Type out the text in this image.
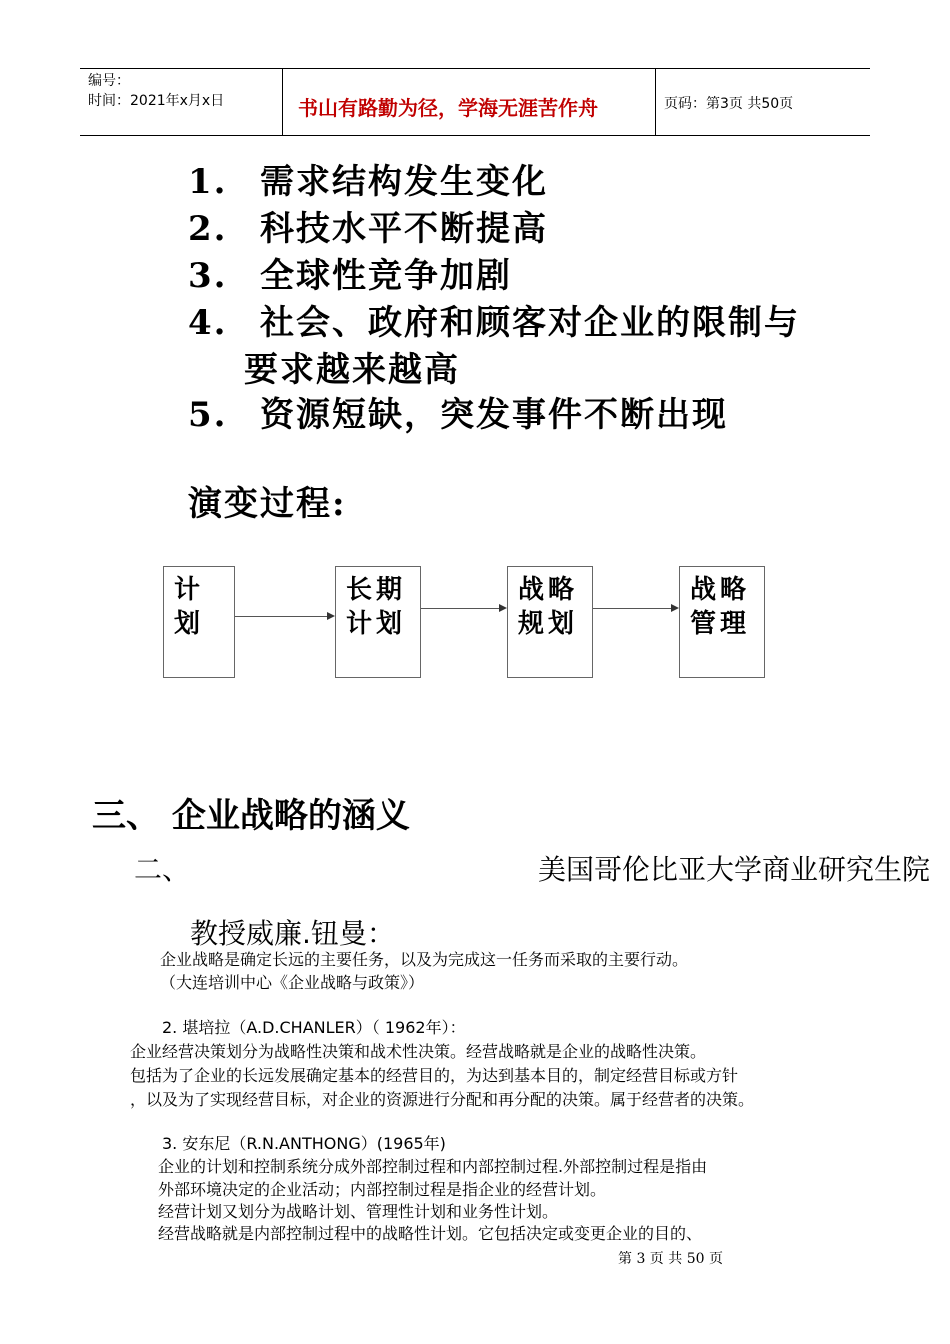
编号：
时间：2021年x月x日	书山有路勤为径，学海无涯苦作舟	页码：第3页 共50页
1. 需求结构发生变化
2. 科技水平不断提高
3. 全球性竞争加剧
4. 社会、政府和顾客对企业的限制与
要求越来越高
5. 资源短缺，突发事件不断出现
演变过程:
计
划
长期
计划
战略
规划
战略
管理
三、 企业战略的涵义
二、	美国哥伦比亚大学商业研究生院
教授威廉.钮曼：
企业战略是确定长远的主要任务，以及为完成这一任务而采取的主要行动。
（大连培训中心《企业战略与政策》）
2. 堪培拉（A.D.CHANLER）（ 1962年）：
企业经营决策划分为战略性决策和战术性决策。经营战略就是企业的战略性决策。
包括为了企业的长远发展确定基本的经营目的，为达到基本目的，制定经营目标或方针
，以及为了实现经营目标，对企业的资源进行分配和再分配的决策。属于经营者的决策。
3. 安东尼（R.N.ANTHONG）(1965年)
企业的计划和控制系统分成外部控制过程和内部控制过程.外部控制过程是指由
外部环境决定的企业活动；内部控制过程是指企业的经营计划。
经营计划又划分为战略计划、管理性计划和业务性计划。
经营战略就是内部控制过程中的战略性计划。它包括决定或变更企业的目的、
第 3 页 共 50 页
